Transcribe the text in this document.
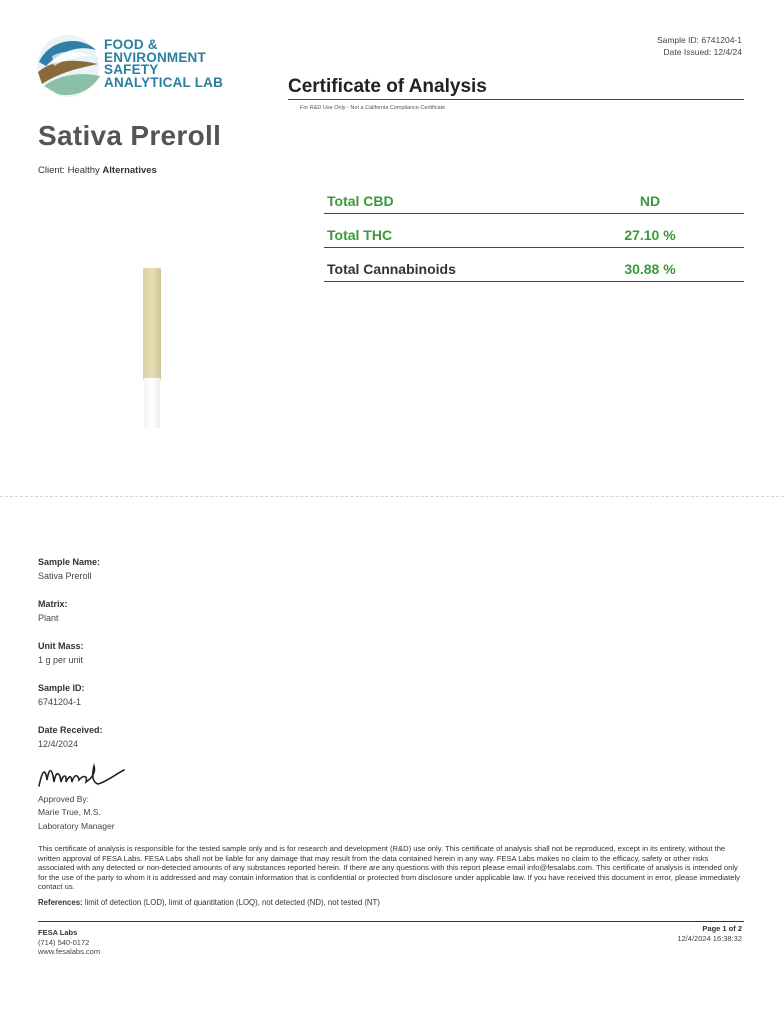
FOOD &
ENVIRONMENT
SAFETY
ANALYTICAL LAB
Sample ID: 6741204-1
Date Issued: 12/4/24
Certificate of Analysis
For R&D Use Only - Not a California Compliance Certificate
Sativa Preroll
Client: Healthy Alternatives
Total CBD	ND
Total THC	27.10 %
Total Cannabinoids	30.88 %
Sample Name:
Sativa Preroll
Matrix:
Plant
Unit Mass:
1 g per unit
Sample ID:
6741204-1
Date Received:
12/4/2024
Approved By:
Marie True, M.S.
Laboratory Manager
This certificate of analysis is responsible for the tested sample only and is for research and development (R&D) use only. This certificate of analysis shall not be reproduced, except in its entirety, without the written approval of FESA Labs. FESA Labs shall not be liable for any damage that may result from the data contained herein in any way. FESA Labs makes no claim to the efficacy, safety or other risks associated with any detected or non-detected amounts of any substances reported herein. If there are any questions with this report please email info@fesalabs.com. This certificate of analysis is intended only for the use of the party to whom it is addressed and may contain information that is confidential or protected from disclosure under applicable law. If you have received this document in error, please immediately contact us.
References: limit of detection (LOD), limit of quantitation (LOQ), not detected (ND), not tested (NT)
FESA Labs
(714) 540-0172
www.fesalabs.com
Page 1 of 2
12/4/2024 16:38:32
